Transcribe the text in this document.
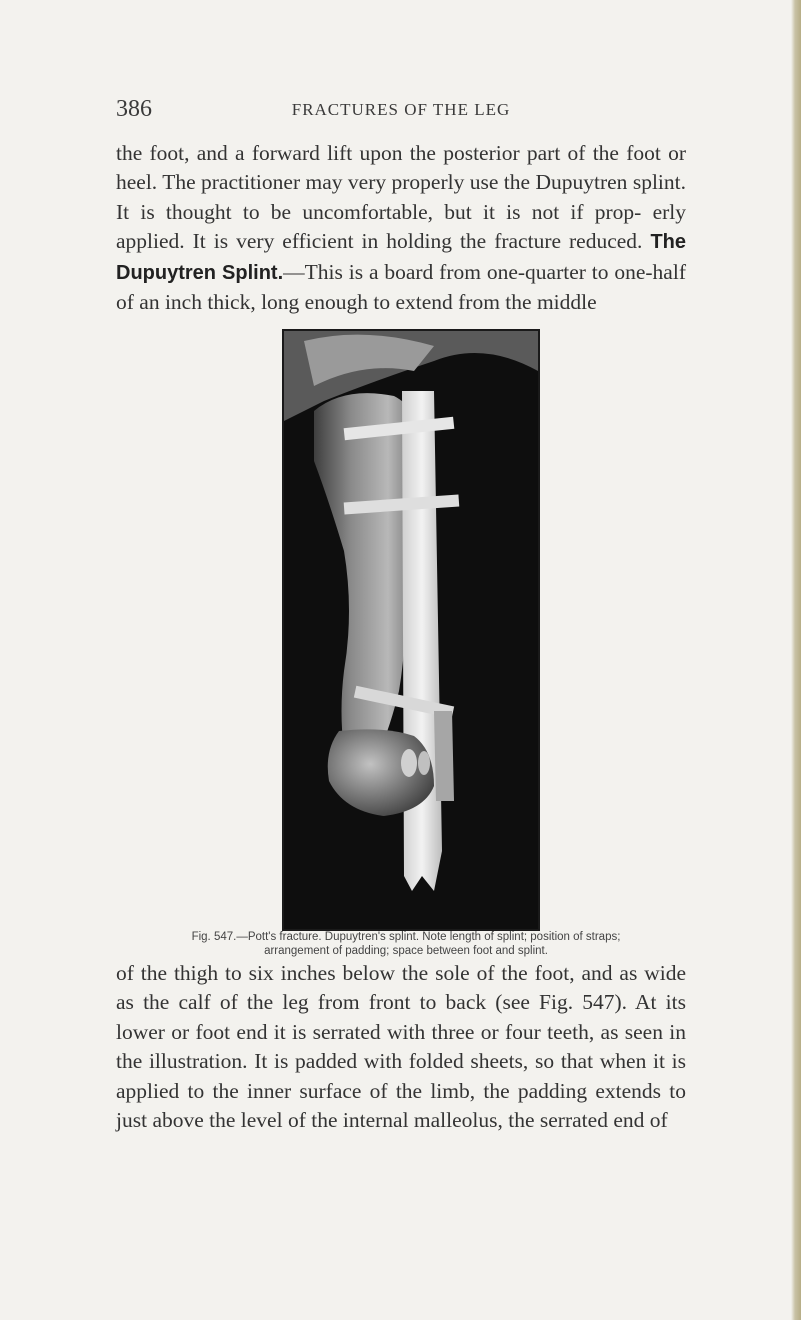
386	FRACTURES OF THE LEG

the foot, and a forward lift upon the posterior part of the foot or heel. The practitioner may very properly use the Dupuytren splint. It is thought to be uncomfortable, but it is not if prop- erly applied. It is very efficient in holding the fracture reduced. The Dupuytren Splint.—This is a board from one-quarter to one-half of an inch thick, long enough to extend from the middle

Fig. 547.—Pott's fracture. Dupuytren's splint. Note length of splint; position of straps; arrangement of padding; space between foot and splint.

of the thigh to six inches below the sole of the foot, and as wide as the calf of the leg from front to back (see Fig. 547). At its lower or foot end it is serrated with three or four teeth, as seen in the illustration. It is padded with folded sheets, so that when it is applied to the inner surface of the limb, the padding extends to just above the level of the internal malleolus, the serrated end of
